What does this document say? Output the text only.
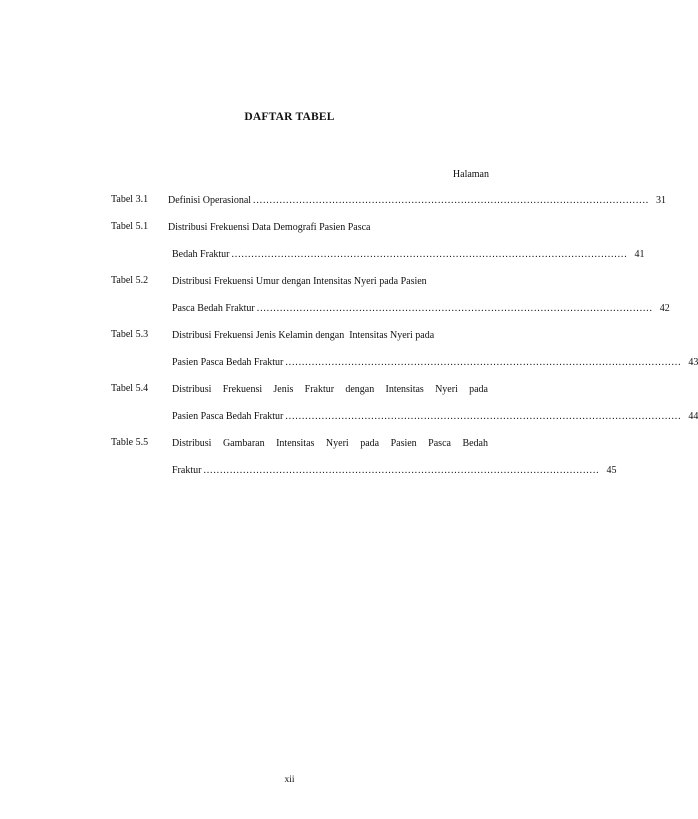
DAFTAR TABEL
Halaman
Tabel 3.1	Definisi Operasional ........................................................................................................................ 31
Tabel 5.1	Distribusi Frekuensi Data Demografi Pasien Pasca
Bedah Fraktur ........................................................................................................................ 41
Tabel 5.2	Distribusi Frekuensi Umur dengan Intensitas Nyeri pada Pasien
Pasca Bedah Fraktur ........................................................................................................................ 42
Tabel 5.3	Distribusi Frekuensi Jenis Kelamin dengan  Intensitas Nyeri pada
Pasien Pasca Bedah Fraktur ........................................................................................................................ 43
Tabel 5.4	Distribusi Frekuensi Jenis Fraktur dengan Intensitas Nyeri pada
Pasien Pasca Bedah Fraktur ........................................................................................................................ 44
Table 5.5	Distribusi Gambaran Intensitas Nyeri pada Pasien Pasca Bedah
Fraktur ........................................................................................................................ 45
xii
